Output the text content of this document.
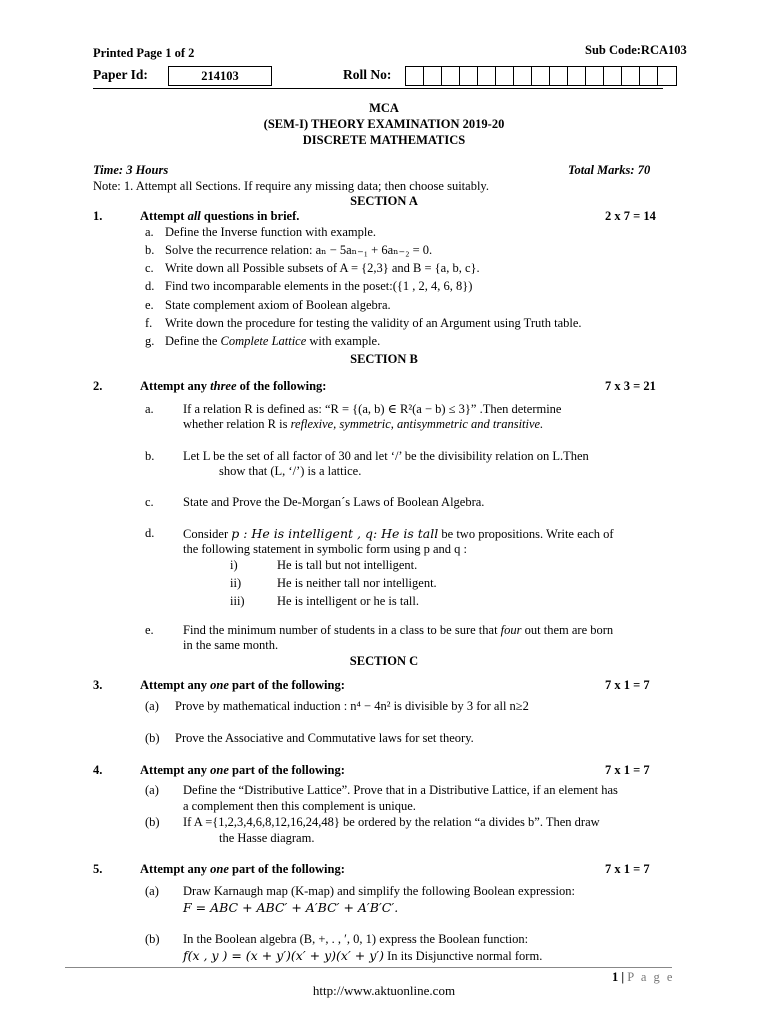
Printed Page 1 of 2	Sub Code:RCA103
Paper Id:	214103	Roll No:
MCA
(SEM-I) THEORY EXAMINATION 2019-20
DISCRETE MATHEMATICS
Time: 3 Hours	Total Marks: 70
Note: 1. Attempt all Sections. If require any missing data; then choose suitably.
SECTION A
1.	Attempt all questions in brief.	2 x 7 = 14
a. Define the Inverse function with example.
b. Solve the recurrence relation: aₙ − 5aₙ₋₁ + 6aₙ₋₂ = 0.
c. Write down all Possible subsets of A = {2,3} and B = {a, b, c}.
d. Find two incomparable elements in the poset:({1 , 2, 4, 6, 8})
e. State complement axiom of Boolean algebra.
f. Write down the procedure for testing the validity of an Argument using Truth table.
g. Define the Complete Lattice with example.
SECTION B
2.	Attempt any three of the following:	7 x 3 = 21
a. If a relation R is defined as: “R = {(a, b) ∈ R²(a − b) ≤ 3}” .Then determine
whether relation R is reflexive, symmetric, antisymmetric and transitive.
b. Let L be the set of all factor of 30 and let ‘/’ be the divisibility relation on L.Then
show that (L, ‘/’) is a lattice.
c. State and Prove the De-Morgan´s Laws of Boolean Algebra.
d. Consider p : He is intelligent , q: He is tall be two propositions. Write each of
the following statement in symbolic form using p and q :
i)	He is tall but not intelligent.
ii)	He is neither tall nor intelligent.
iii)	He is intelligent or he is tall.
e. Find the minimum number of students in a class to be sure that four out them are born
in the same month.
SECTION C
3.	Attempt any one part of the following:	7 x 1 = 7
(a) Prove by mathematical induction : n⁴ − 4n² is divisible by 3 for all n≥2
(b) Prove the Associative and Commutative laws for set theory.
4.	Attempt any one part of the following:	7 x 1 = 7
(a) Define the “Distributive Lattice”. Prove that in a Distributive Lattice, if an element has
a complement then this complement is unique.
(b) If A ={1,2,3,4,6,8,12,16,24,48} be ordered by the relation “a divides b”. Then draw
the Hasse diagram.
5.	Attempt any one part of the following:	7 x 1 = 7
(a) Draw Karnaugh map (K-map) and simplify the following Boolean expression:
F = ABC + ABC′ + A′BC′ + A′B′C′.
(b) In the Boolean algebra (B, +, . , ′, 0, 1) express the Boolean function:
f(x , y ) = (x + y′)(x′ + y)(x′ + y′) In its Disjunctive normal form.
1 | P a g e
http://www.aktuonline.com
